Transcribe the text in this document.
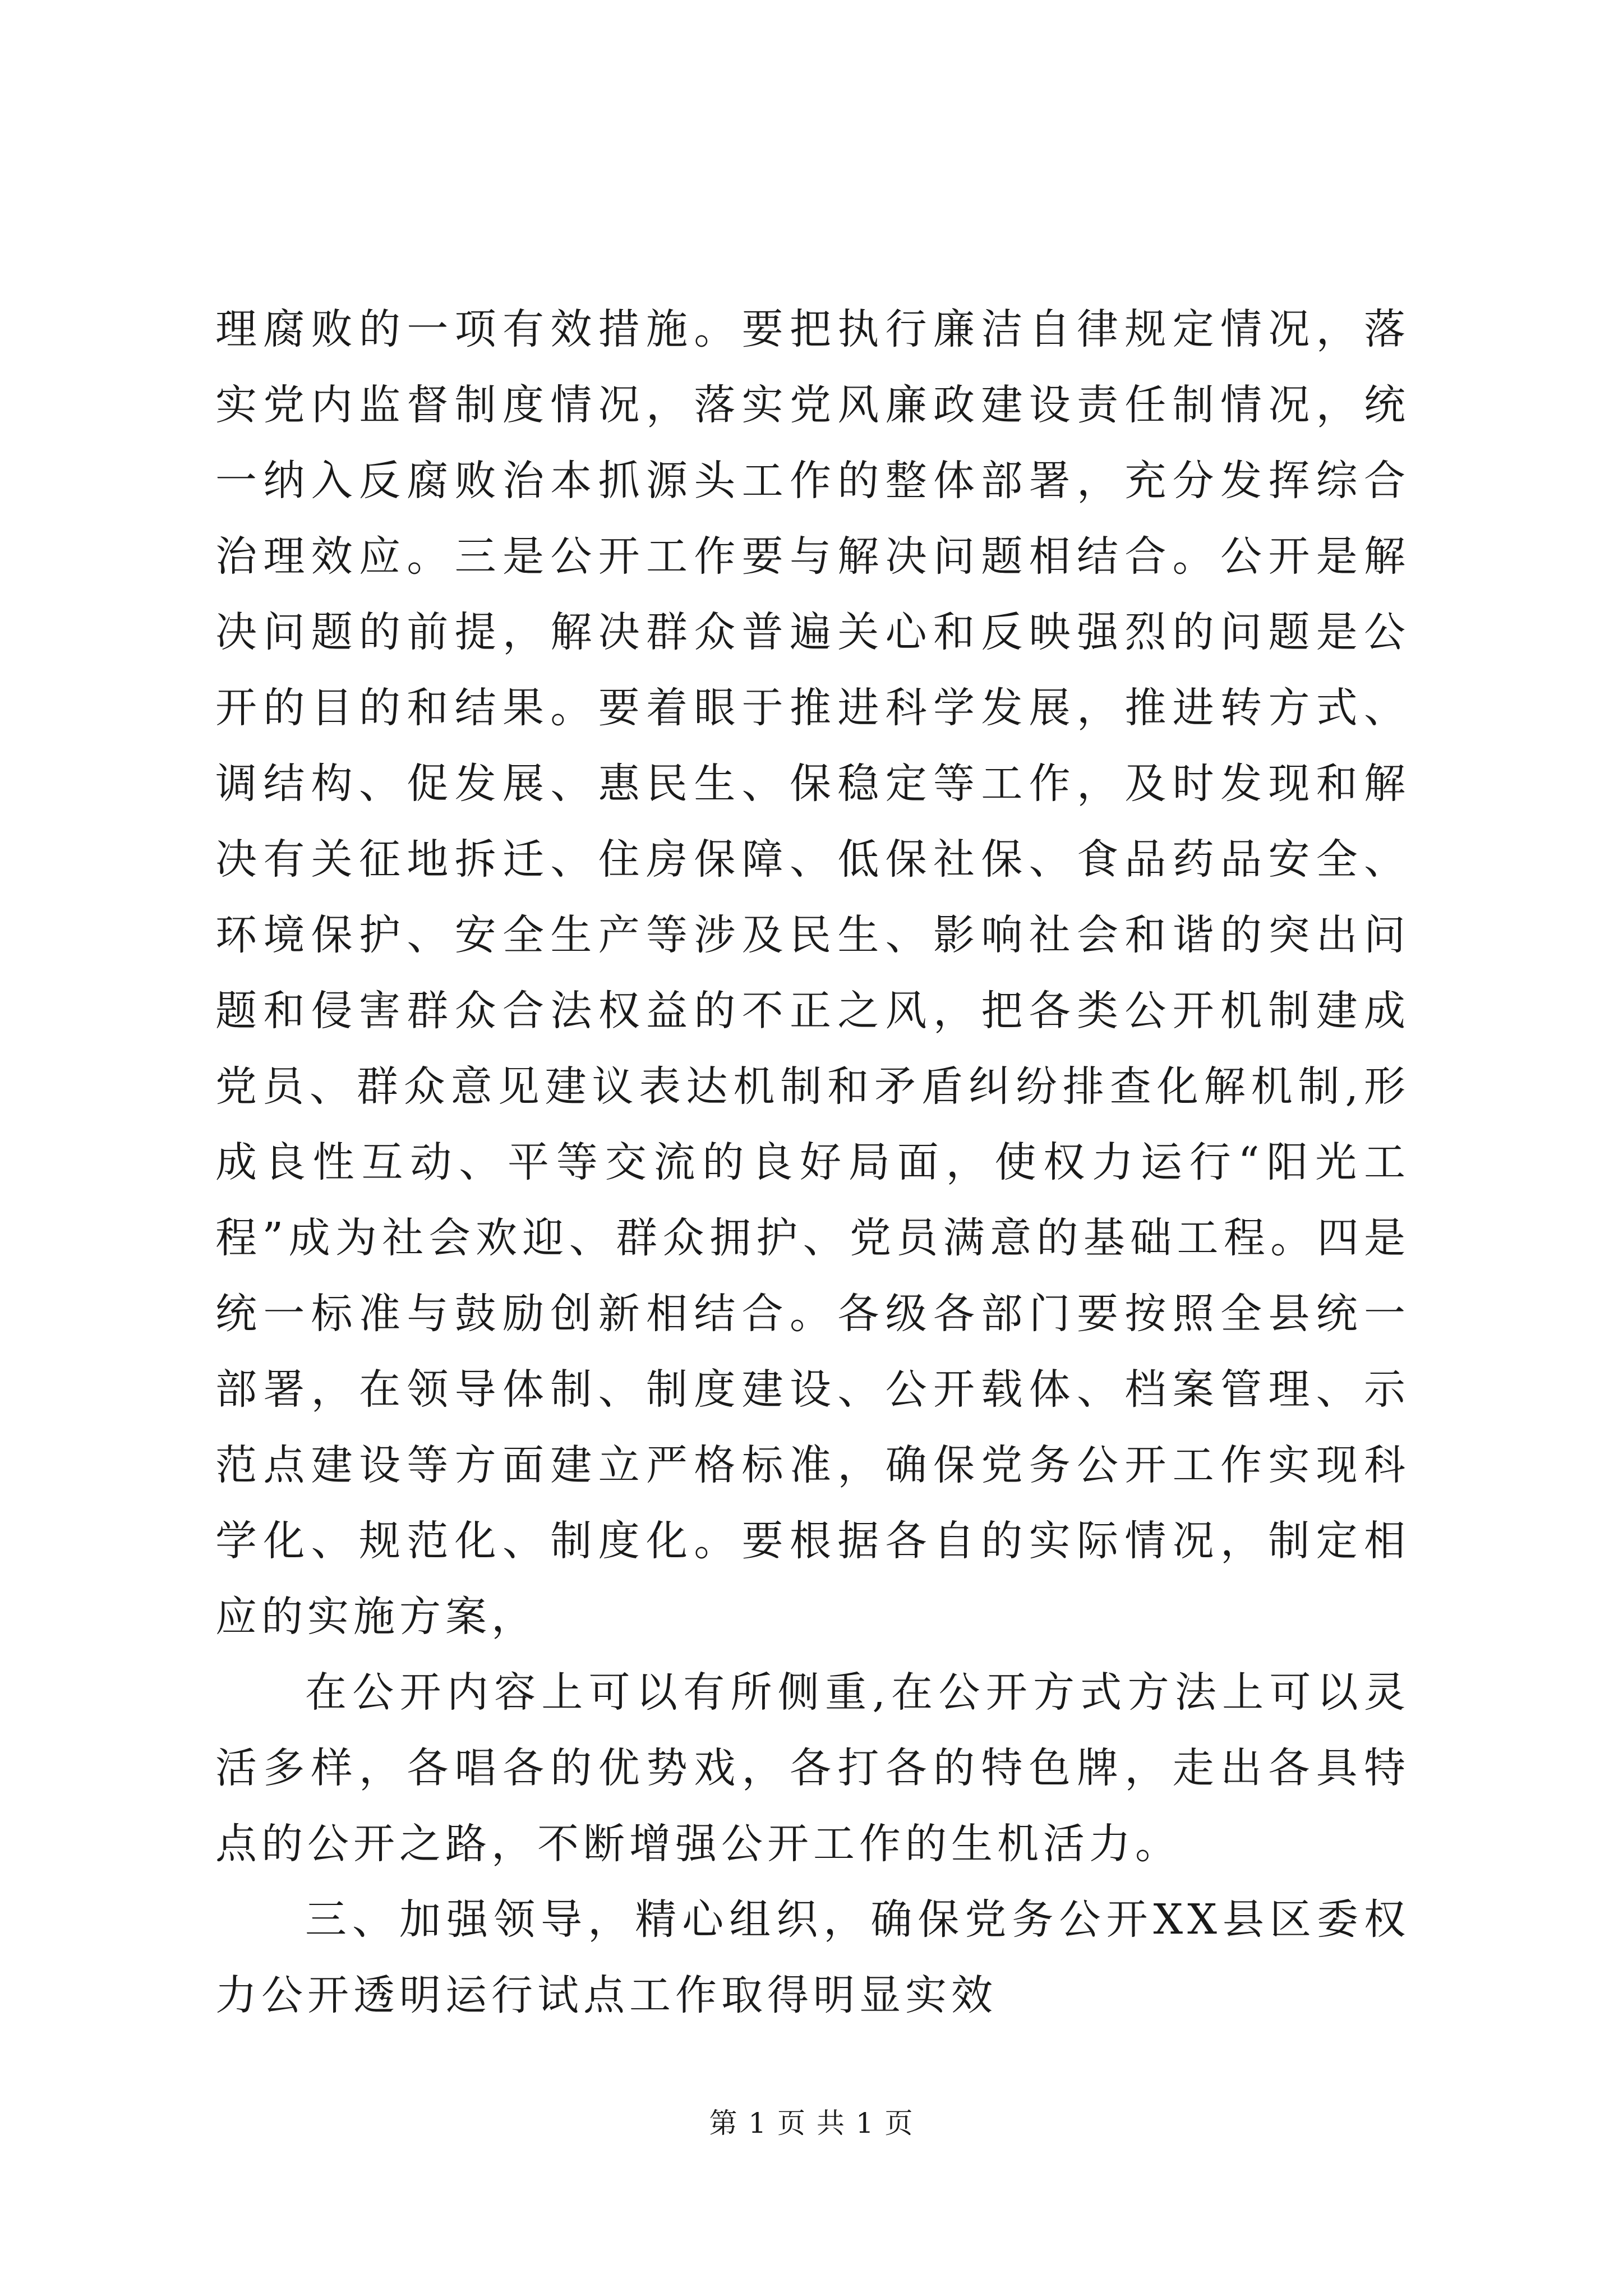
理腐败的一项有效措施。要把执行廉洁自律规定情况，落实党内监督制度情况，落实党风廉政建设责任制情况，统一纳入反腐败治本抓源头工作的整体部署，充分发挥综合治理效应。三是公开工作要与解决问题相结合。公开是解决问题的前提，解决群众普遍关心和反映强烈的问题是公开的目的和结果。要着眼于推进科学发展，推进转方式、调结构、促发展、惠民生、保稳定等工作，及时发现和解决有关征地拆迁、住房保障、低保社保、食品药品安全、环境保护、安全生产等涉及民生、影响社会和谐的突出问题和侵害群众合法权益的不正之风，把各类公开机制建成党员、群众意见建议表达机制和矛盾纠纷排查化解机制,形成良性互动、平等交流的良好局面，使权力运行“阳光工程”成为社会欢迎、群众拥护、党员满意的基础工程。四是统一标准与鼓励创新相结合。各级各部门要按照全县统一部署，在领导体制、制度建设、公开载体、档案管理、示范点建设等方面建立严格标准，确保党务公开工作实现科学化、规范化、制度化。要根据各自的实际情况，制定相应的实施方案，

在公开内容上可以有所侧重,在公开方式方法上可以灵活多样，各唱各的优势戏，各打各的特色牌，走出各具特点的公开之路，不断增强公开工作的生机活力。

三、加强领导，精心组织，确保党务公开XX县区委权力公开透明运行试点工作取得明显实效

第 1 页 共 1 页
